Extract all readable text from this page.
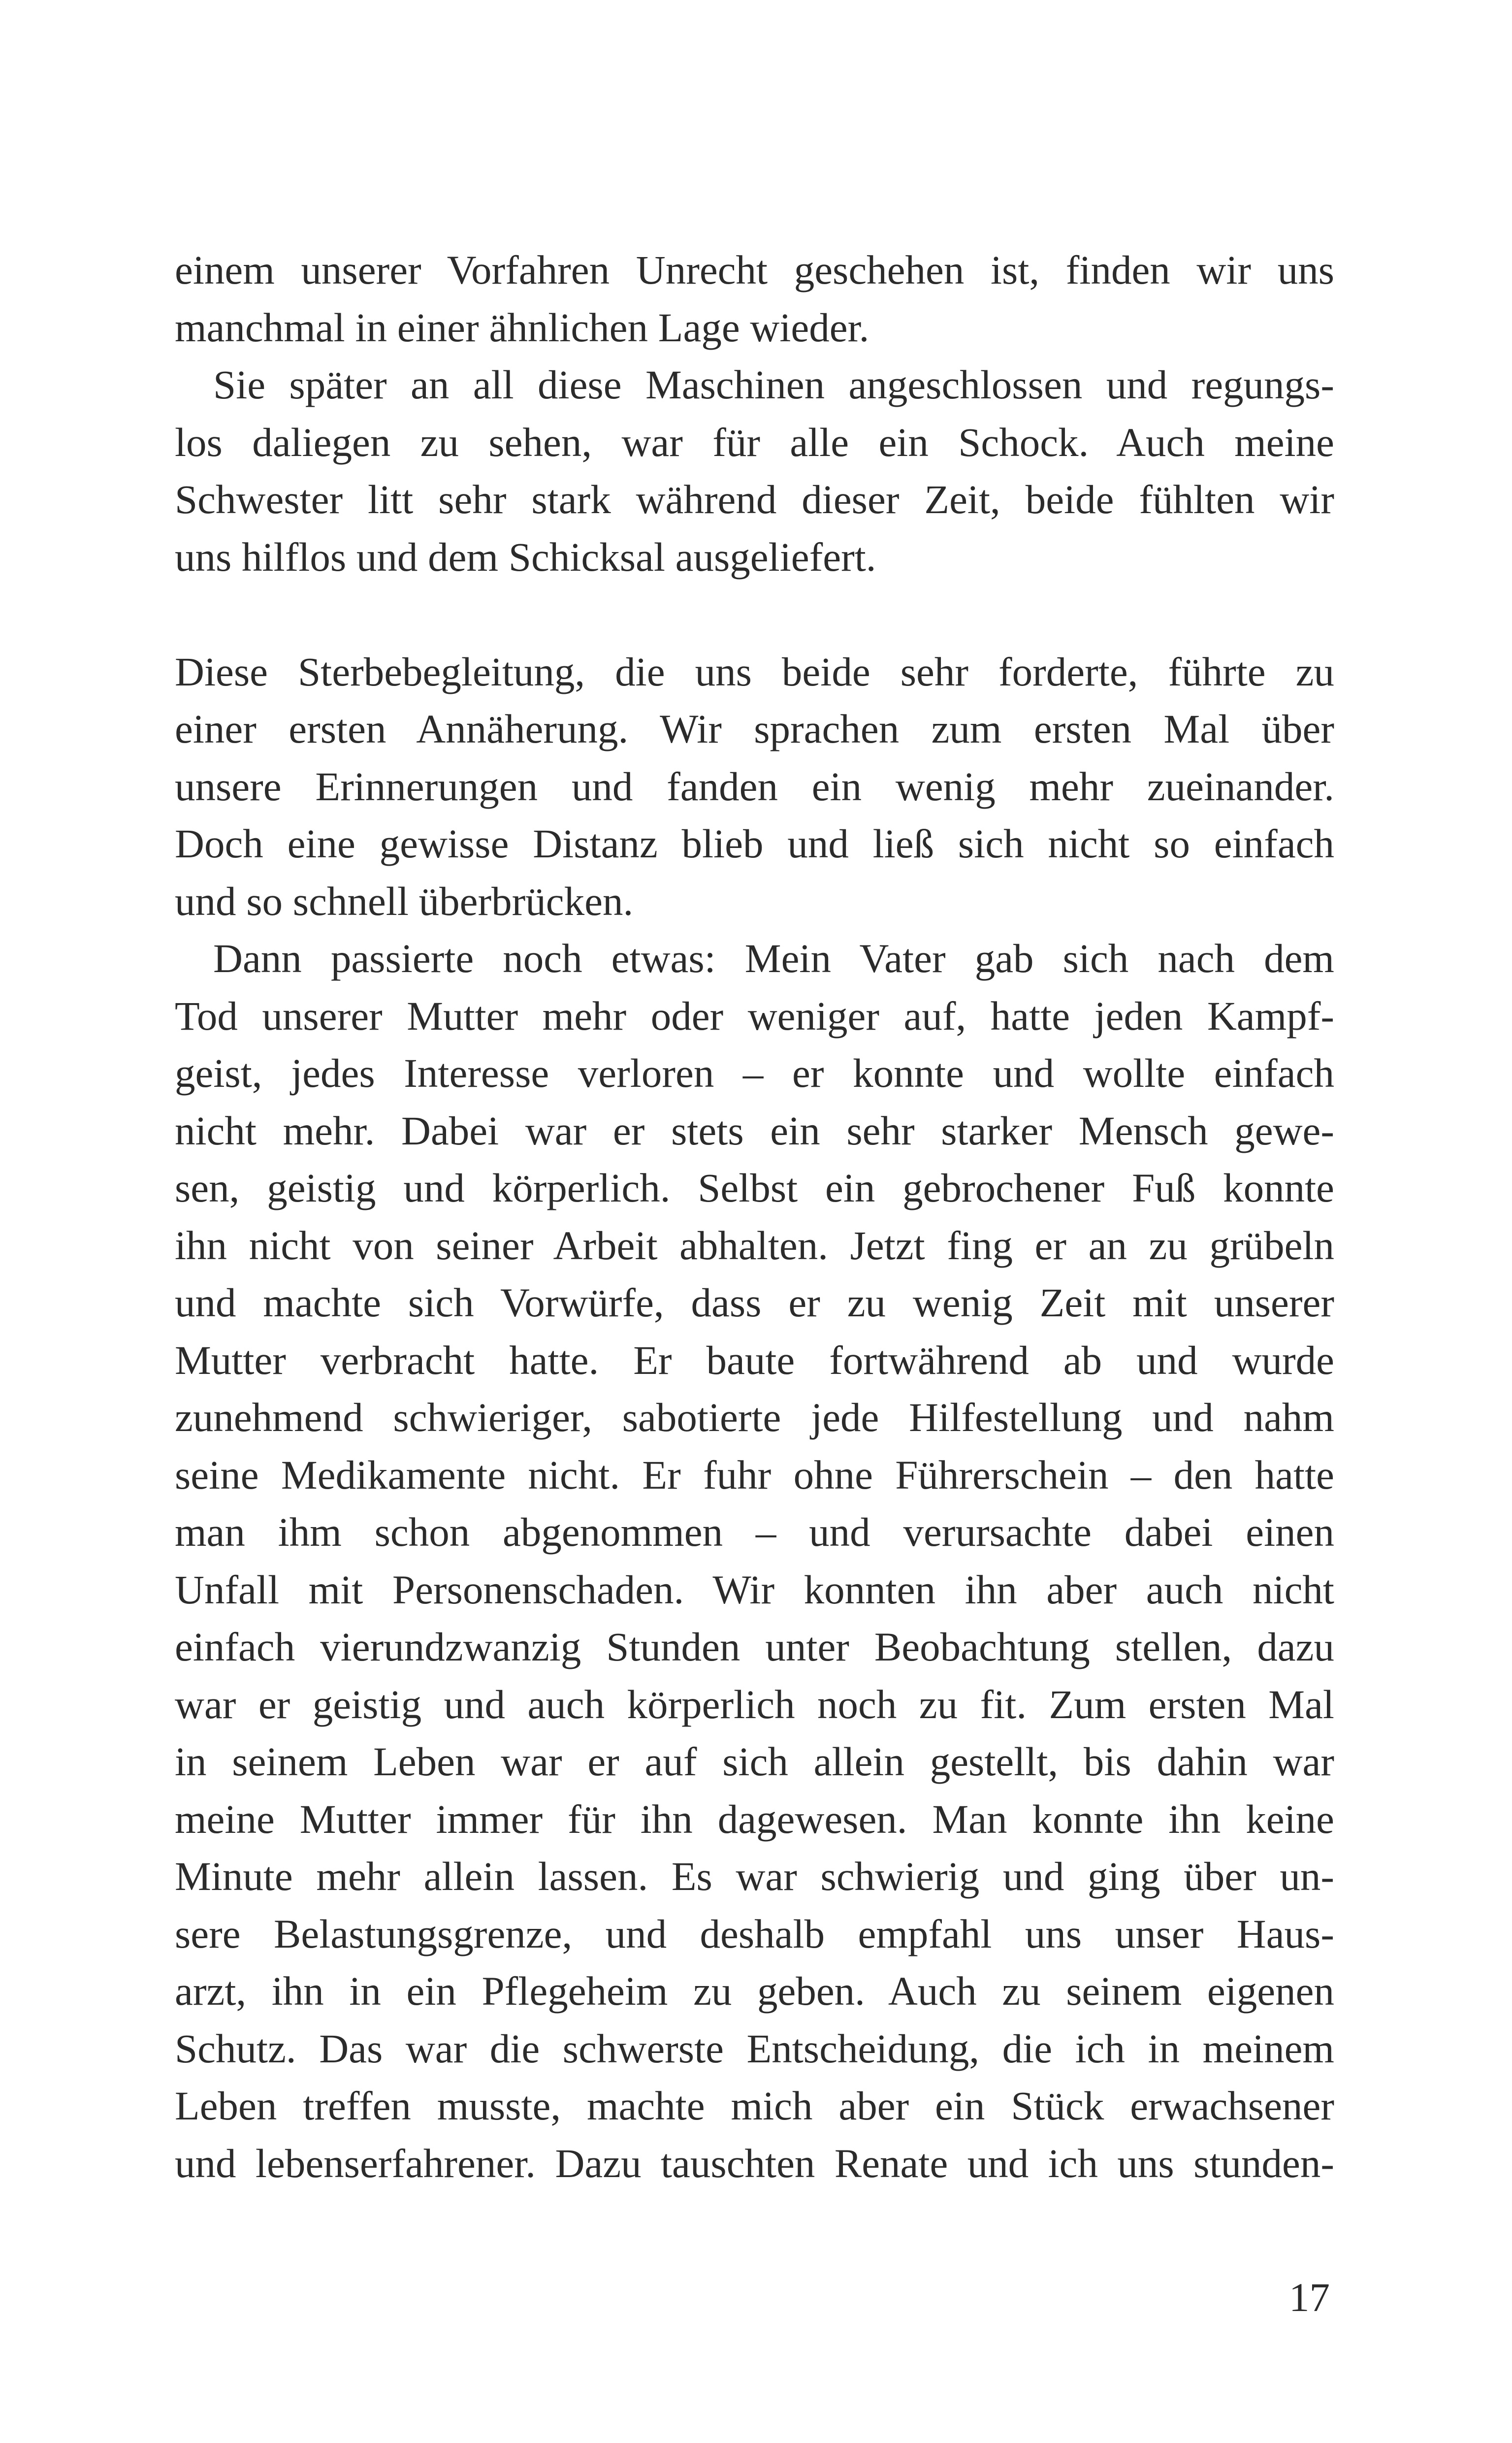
einem unserer Vorfahren Unrecht geschehen ist, finden wir uns
manchmal in einer ähnlichen Lage wieder.
Sie später an all diese Maschinen angeschlossen und regungs-
los daliegen zu sehen, war für alle ein Schock. Auch meine
Schwester litt sehr stark während dieser Zeit, beide fühlten wir
uns hilflos und dem Schicksal ausgeliefert.
Diese Sterbebegleitung, die uns beide sehr forderte, führte zu
einer ersten Annäherung. Wir sprachen zum ersten Mal über
unsere Erinnerungen und fanden ein wenig mehr zueinander.
Doch eine gewisse Distanz blieb und ließ sich nicht so einfach
und so schnell überbrücken.
Dann passierte noch etwas: Mein Vater gab sich nach dem
Tod unserer Mutter mehr oder weniger auf, hatte jeden Kampf-
geist, jedes Interesse verloren – er konnte und wollte einfach
nicht mehr. Dabei war er stets ein sehr starker Mensch gewe-
sen, geistig und körperlich. Selbst ein gebrochener Fuß konnte
ihn nicht von seiner Arbeit abhalten. Jetzt fing er an zu grübeln
und machte sich Vorwürfe, dass er zu wenig Zeit mit unserer
Mutter verbracht hatte. Er baute fortwährend ab und wurde
zunehmend schwieriger, sabotierte jede Hilfestellung und nahm
seine Medikamente nicht. Er fuhr ohne Führerschein – den hatte
man ihm schon abgenommen – und verursachte dabei einen
Unfall mit Personenschaden. Wir konnten ihn aber auch nicht
einfach vierundzwanzig Stunden unter Beobachtung stellen, dazu
war er geistig und auch körperlich noch zu fit. Zum ersten Mal
in seinem Leben war er auf sich allein gestellt, bis dahin war
meine Mutter immer für ihn dagewesen. Man konnte ihn keine
Minute mehr allein lassen. Es war schwierig und ging über un-
sere Belastungsgrenze, und deshalb empfahl uns unser Haus-
arzt, ihn in ein Pflegeheim zu geben. Auch zu seinem eigenen
Schutz. Das war die schwerste Entscheidung, die ich in meinem
Leben treffen musste, machte mich aber ein Stück erwachsener
und lebenserfahrener. Dazu tauschten Renate und ich uns stunden-
17
